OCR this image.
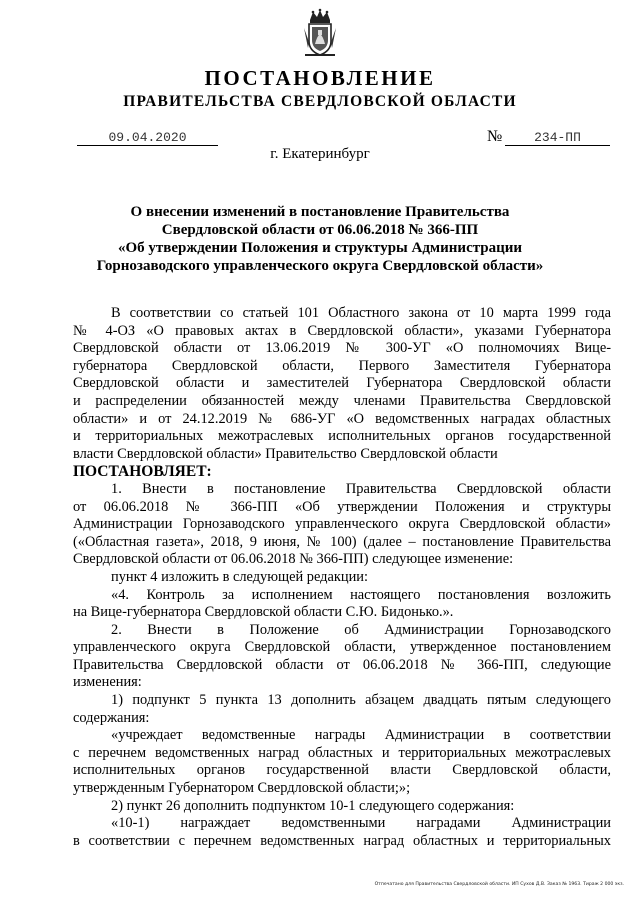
ПОСТАНОВЛЕНИЕ
ПРАВИТЕЛЬСТВА СВЕРДЛОВСКОЙ ОБЛАСТИ
09.04.2020	№	234-ПП
г. Екатеринбург
О внесении изменений в постановление Правительства
Свердловской области от 06.06.2018 № 366-ПП
«Об утверждении Положения и структуры Администрации
Горнозаводского управленческого округа Свердловской области»
В соответствии со статьей 101 Областного закона от 10 марта 1999 года
№ 4-ОЗ «О правовых актах в Свердловской области», указами Губернатора
Свердловской области от 13.06.2019 № 300-УГ «О полномочиях Вице-
губернатора Свердловской области, Первого Заместителя Губернатора
Свердловской области и заместителей Губернатора Свердловской области
и распределении обязанностей между членами Правительства Свердловской
области» и от 24.12.2019 № 686-УГ «О ведомственных наградах областных
и территориальных межотраслевых исполнительных органов государственной
власти Свердловской области» Правительство Свердловской области
ПОСТАНОВЛЯЕТ:
1. Внести в постановление Правительства Свердловской области
от 06.06.2018 № 366-ПП «Об утверждении Положения и структуры
Администрации Горнозаводского управленческого округа Свердловской области»
(«Областная газета», 2018, 9 июня, № 100) (далее – постановление Правительства
Свердловской области от 06.06.2018 № 366-ПП) следующее изменение:
пункт 4 изложить в следующей редакции:
«4. Контроль за исполнением настоящего постановления возложить
на Вице-губернатора Свердловской области С.Ю. Бидонько.».
2. Внести в Положение об Администрации Горнозаводского
управленческого округа Свердловской области, утвержденное постановлением
Правительства Свердловской области от 06.06.2018 № 366-ПП, следующие
изменения:
1) подпункт 5 пункта 13 дополнить абзацем двадцать пятым следующего
содержания:
«учреждает ведомственные награды Администрации в соответствии
с перечнем ведомственных наград областных и территориальных межотраслевых
исполнительных органов государственной власти Свердловской области,
утвержденным Губернатором Свердловской области;»;
2) пункт 26 дополнить подпунктом 10-1 следующего содержания:
«10-1) награждает ведомственными наградами Администрации
в соответствии с перечнем ведомственных наград областных и территориальных
Отпечатано для Правительства Свердловской области. ИП Сухов Д.В. Заказ № 1963. Тираж 2 000 экз.
